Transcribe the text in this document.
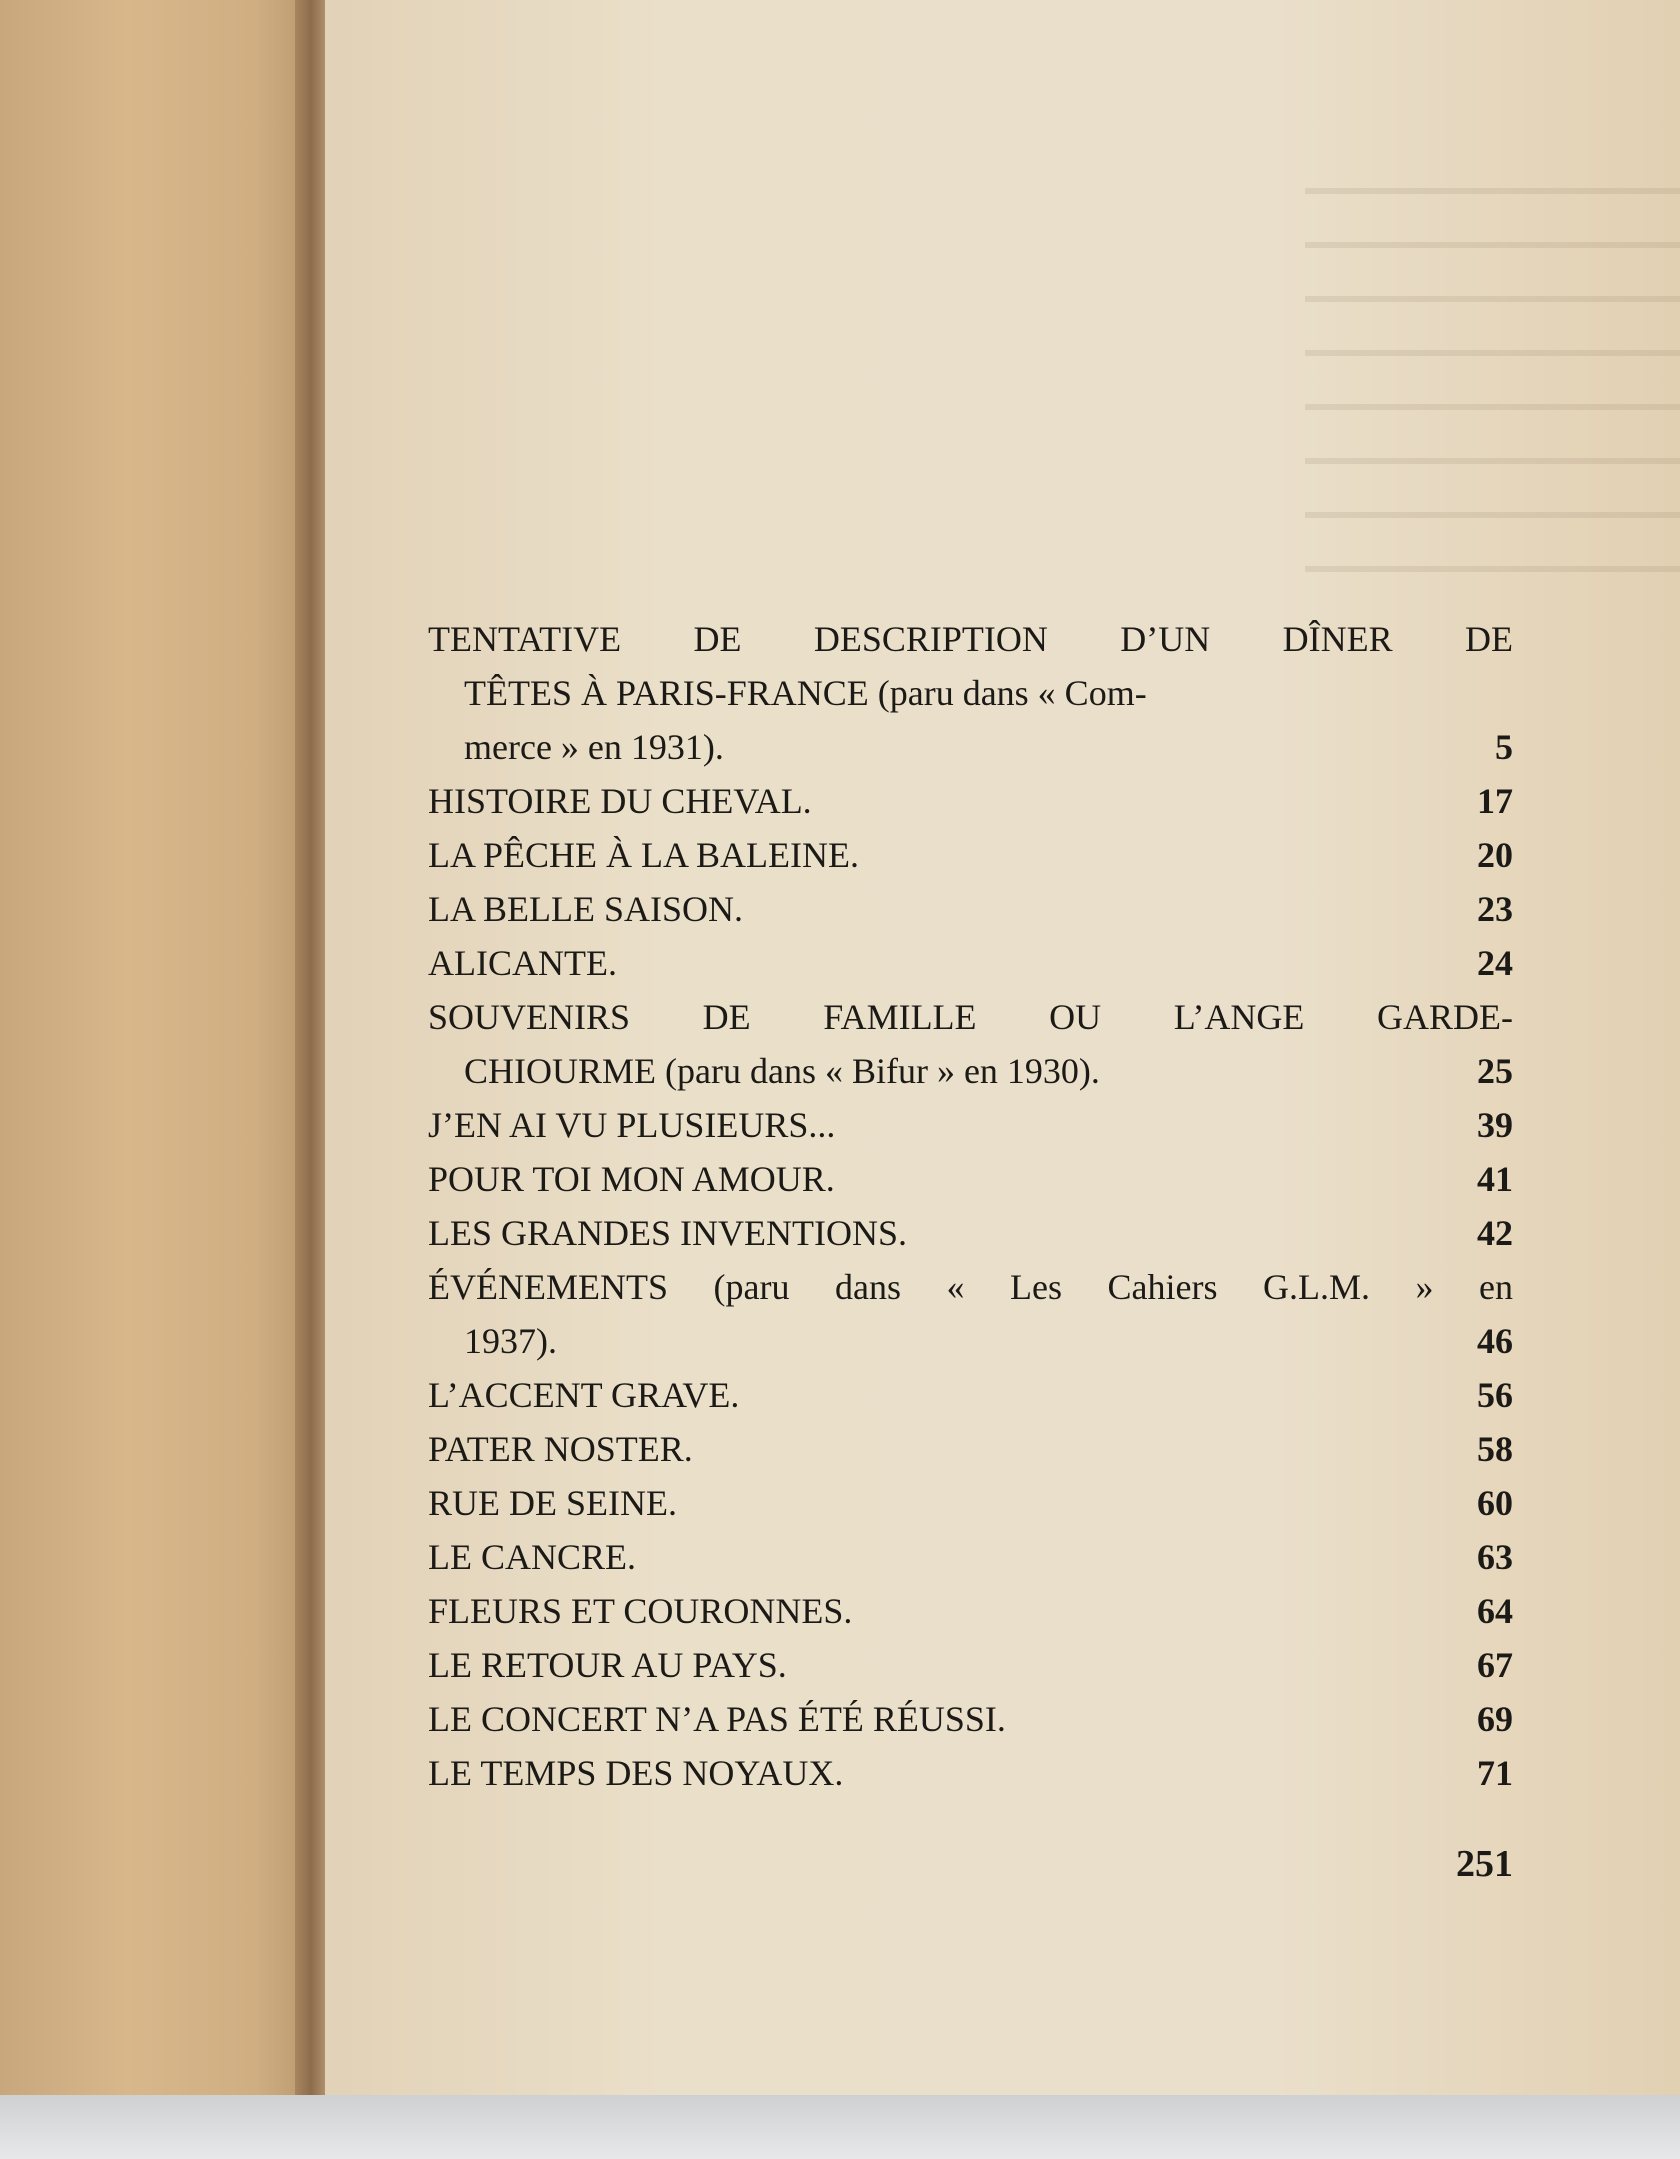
TENTATIVE DE DESCRIPTION D’UN DÎNER DE
TÊTES À PARIS-FRANCE (paru dans « Com-
merce » en 1931).	5
HISTOIRE DU CHEVAL.	17
LA PÊCHE À LA BALEINE.	20
LA BELLE SAISON.	23
ALICANTE.	24
SOUVENIRS DE FAMILLE OU L’ANGE GARDE-
CHIOURME (paru dans « Bifur » en 1930).	25
J’EN AI VU PLUSIEURS...	39
POUR TOI MON AMOUR.	41
LES GRANDES INVENTIONS.	42
ÉVÉNEMENTS (paru dans « Les Cahiers G.L.M. » en
1937).	46
L’ACCENT GRAVE.	56
PATER NOSTER.	58
RUE DE SEINE.	60
LE CANCRE.	63
FLEURS ET COURONNES.	64
LE RETOUR AU PAYS.	67
LE CONCERT N’A PAS ÉTÉ RÉUSSI.	69
LE TEMPS DES NOYAUX.	71
251
